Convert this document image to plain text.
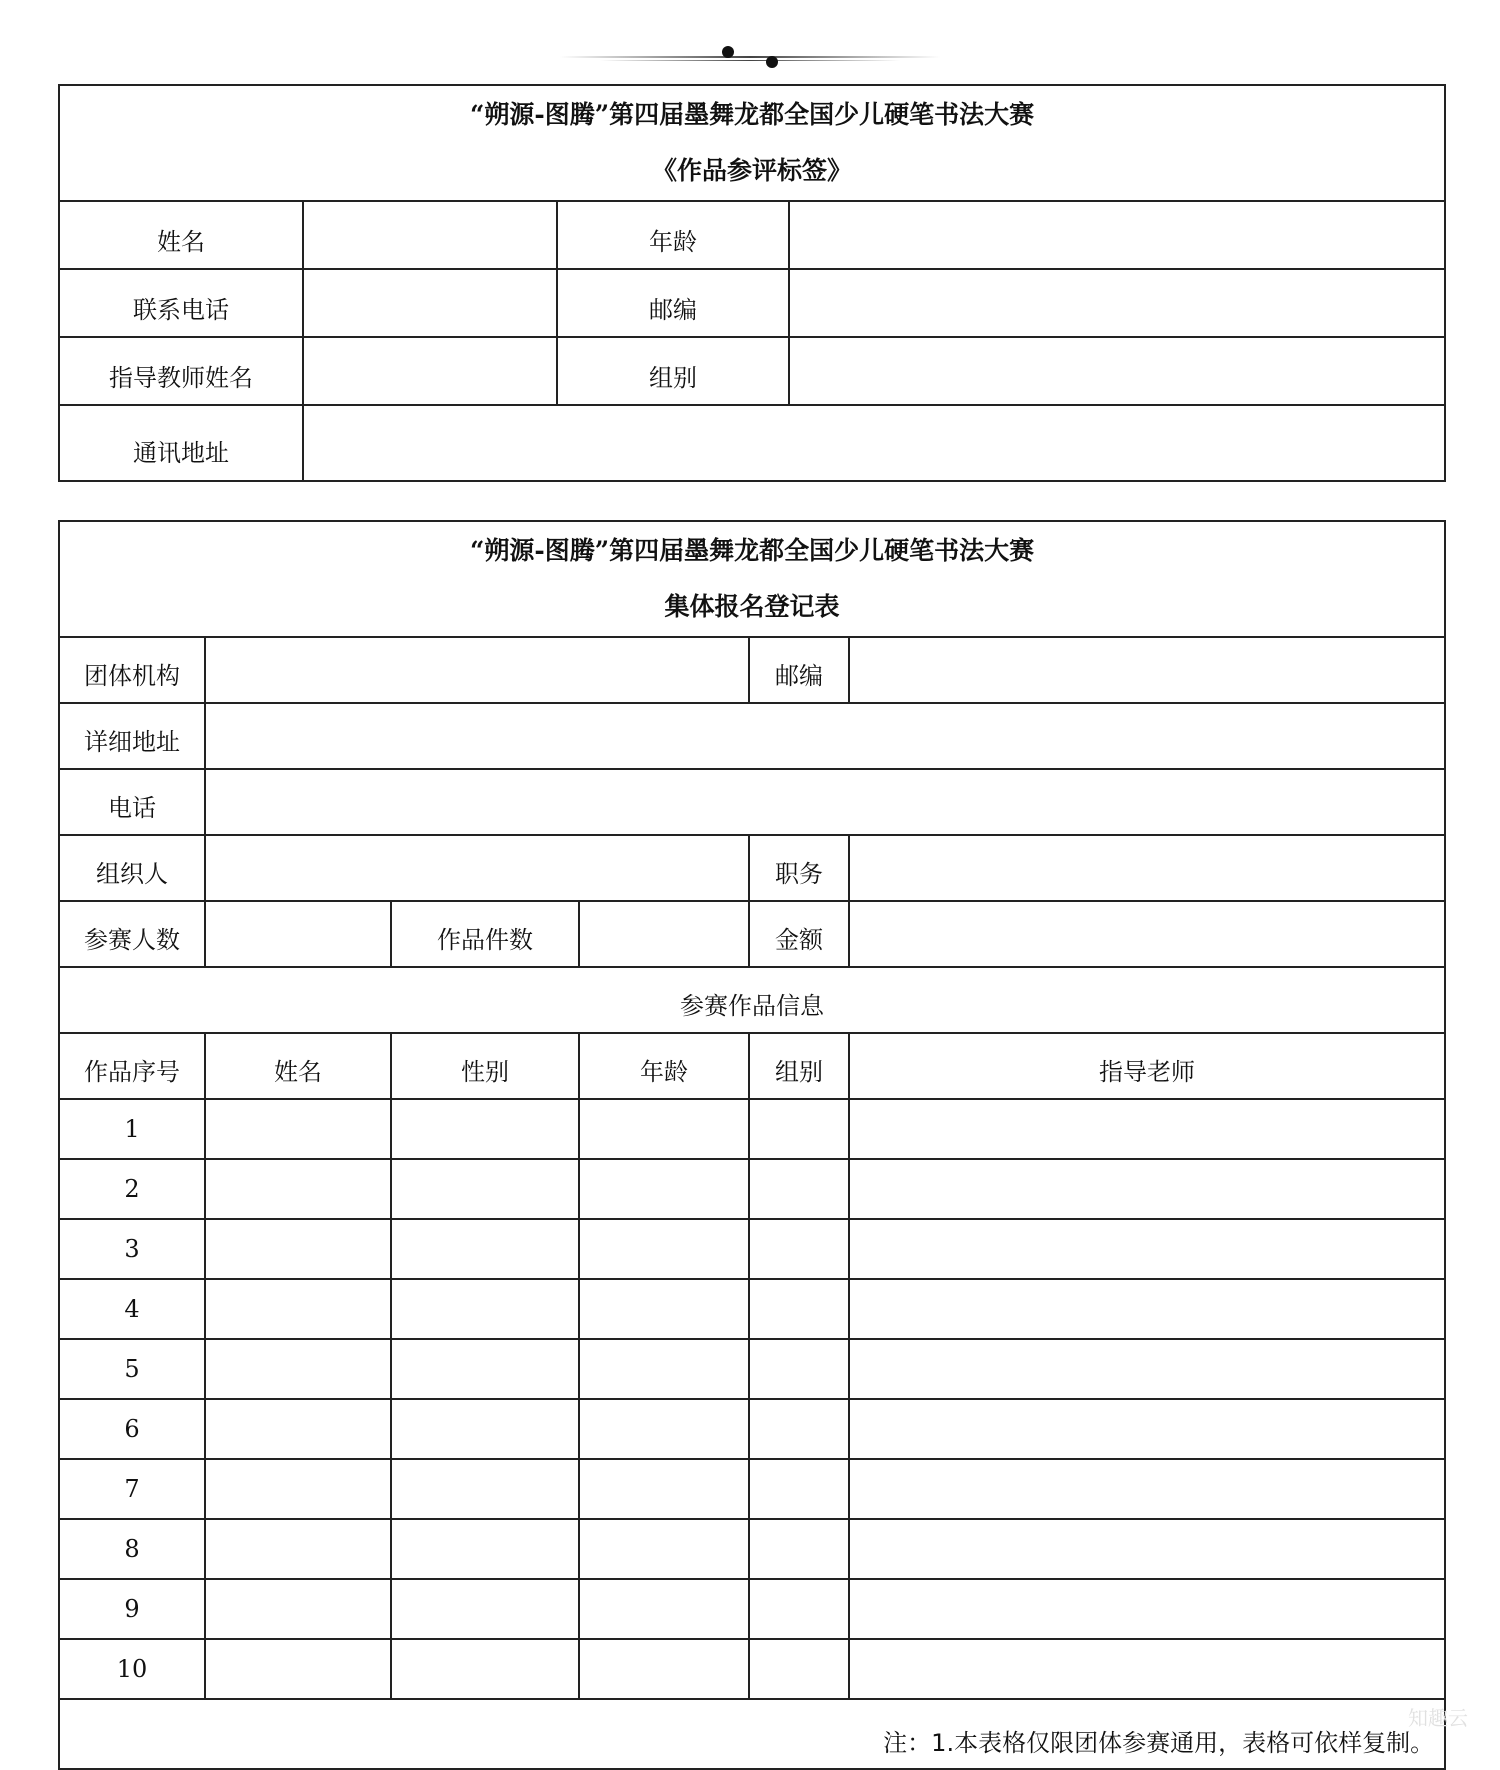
“朔源-图腾”第四届墨舞龙都全国少儿硬笔书法大赛
《作品参评标签》			

姓名		年龄	
联系电话		邮编	
指导教师姓名		组别	
通讯地址			
“朔源-图腾”第四届墨舞龙都全国少儿硬笔书法大赛
集体报名登记表					

团体机构				邮编	
详细地址					
电话					
组织人				职务	
参赛人数		作品件数		金额	
参赛作品信息					
作品序号	姓名	性别	年龄	组别	指导老师
1					
2					
3					
4					
5					
6					
7					
8					
9					
10					
注：1.本表格仅限团体参赛通用，表格可依样复制。					
知趣云
